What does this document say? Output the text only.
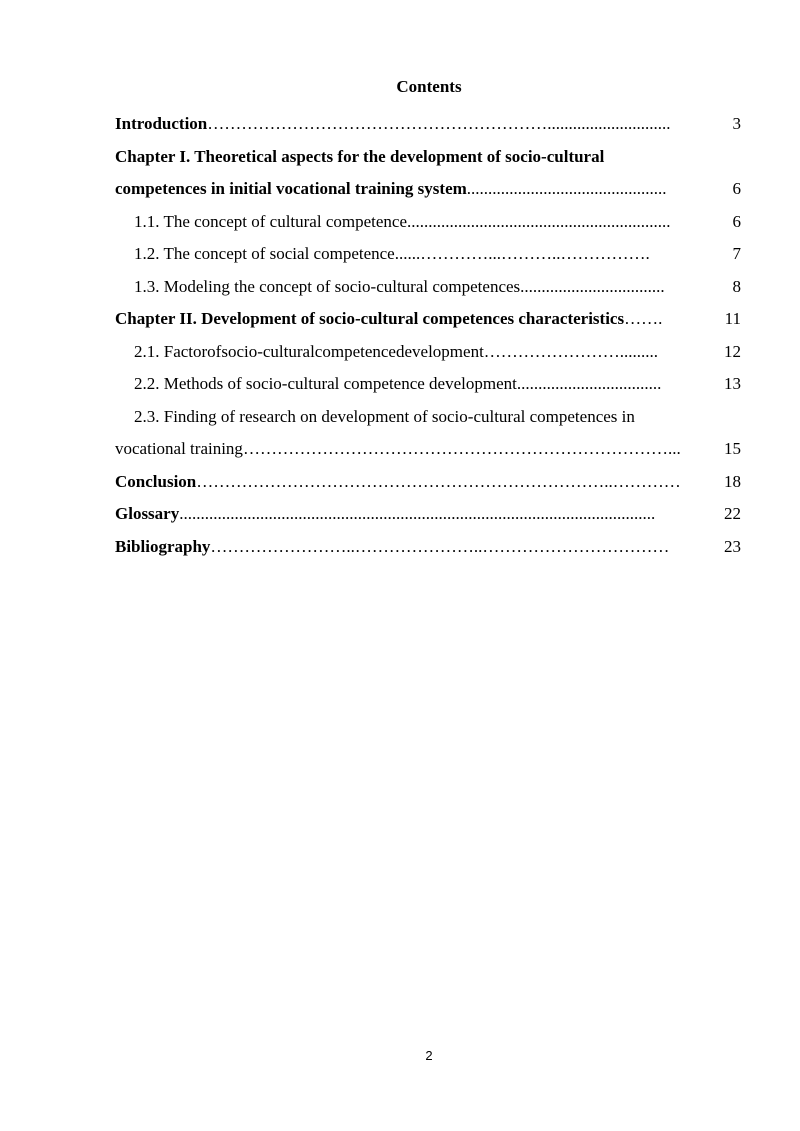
Contents
Introduction …………………………………………………….............................	3
Chapter I. Theoretical aspects for the development of socio-cultural
competences in initial vocational training system ...............................................	6
1.1. The concept of cultural competence ..............................................................	6
1.2. The concept of social competence ......…………...………..…………….	7
1.3. Modeling the concept of socio-cultural competences ..................................	8
Chapter II. Development of socio-cultural competences characteristics …….	11
2.1. Factorofsocio-culturalcompetencedevelopment …………………….........	12
2.2. Methods of socio-cultural competence development ..................................	13
2.3. Finding of research on development of socio-cultural competences in
vocational training …………………………………………………………………...	15
Conclusion ………………………………………………………………..…………	18
Glossary ................................................................................................................	22
Bibliography ……………………..…………………..……………………………	23
2
